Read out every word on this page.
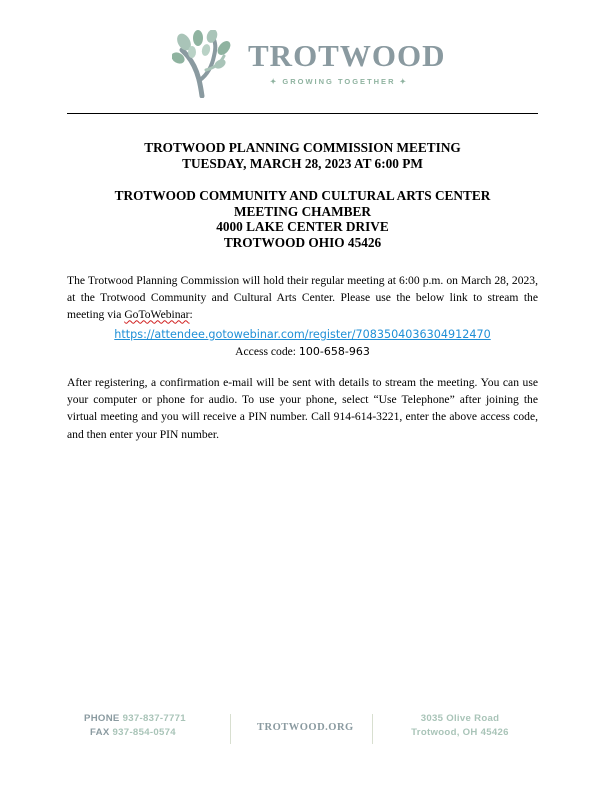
TROTWOOD
✦ GROWING TOGETHER ✦
TROTWOOD PLANNING COMMISSION MEETING
TUESDAY, MARCH 28, 2023 AT 6:00 PM
TROTWOOD COMMUNITY AND CULTURAL ARTS CENTER
MEETING CHAMBER
4000 LAKE CENTER DRIVE
TROTWOOD OHIO 45426
The Trotwood Planning Commission will hold their regular meeting at 6:00 p.m. on March 28, 2023, at the Trotwood Community and Cultural Arts Center. Please use the below link to stream the meeting via GoToWebinar:
https://attendee.gotowebinar.com/register/7083504036304912470
Access code: 100-658-963
After registering, a confirmation e-mail will be sent with details to stream the meeting. You can use your computer or phone for audio. To use your phone, select “Use Telephone” after joining the virtual meeting and you will receive a PIN number. Call 914-614-3221, enter the above access code, and then enter your PIN number.
PHONE 937-837-7771
FAX 937-854-0574	TROTWOOD.ORG
3035 Olive Road
Trotwood, OH 45426
